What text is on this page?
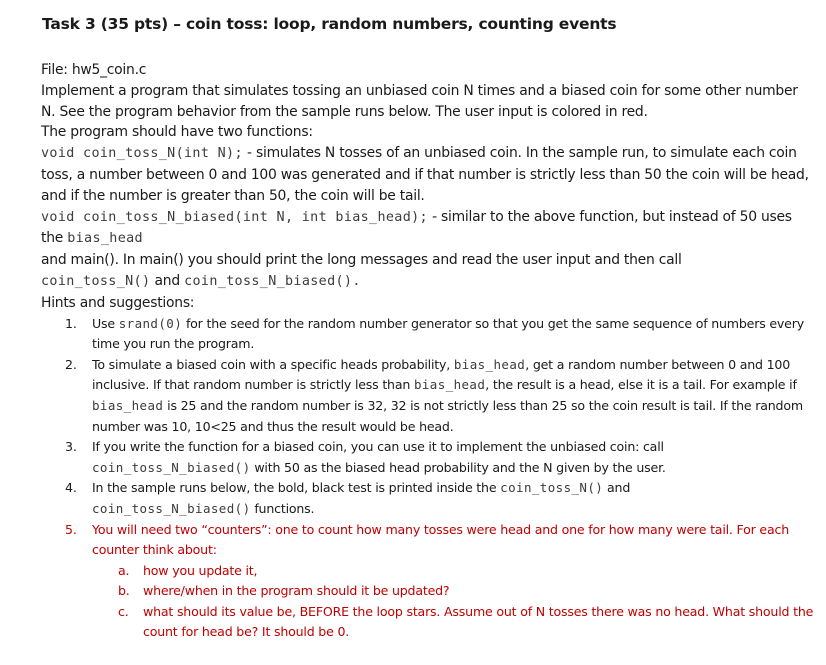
Task 3 (35 pts) – coin toss: loop, random numbers, counting events

File: hw5_coin.c

Implement a program that simulates tossing an unbiased coin N times and a biased coin for some other number N. See the program behavior from the sample runs below. The user input is colored in red.

The program should have two functions:

void coin_toss_N(int N); - simulates N tosses of an unbiased coin. In the sample run, to simulate each coin toss, a number between 0 and 100 was generated and if that number is strictly less than 50 the coin will be head, and if the number is greater than 50, the coin will be tail.

void coin_toss_N_biased(int N, int bias_head); - similar to the above function, but instead of 50 uses the bias_head

and main(). In main() you should print the long messages and read the user input and then call
coin_toss_N() and coin_toss_N_biased().

Hints and suggestions:

1. Use srand(0) for the seed for the random number generator so that you get the same sequence of numbers every time you run the program.
2. To simulate a biased coin with a specific heads probability, bias_head, get a random number between 0 and 100 inclusive. If that random number is strictly less than bias_head, the result is a head, else it is a tail. For example if bias_head is 25 and the random number is 32, 32 is not strictly less than 25 so the coin result is tail. If the random number was 10, 10<25 and thus the result would be head.
3. If you write the function for a biased coin, you can use it to implement the unbiased coin: call
coin_toss_N_biased() with 50 as the biased head probability and the N given by the user.
4. In the sample runs below, the bold, black test is printed inside the coin_toss_N() and
coin_toss_N_biased() functions.
5. You will need two “counters”: one to count how many tosses were head and one for how many were tail. For each counter think about:
a. how you update it,
b. where/when in the program should it be updated?
c. what should its value be, BEFORE the loop stars. Assume out of N tosses there was no head. What should the count for head be? It should be 0.
